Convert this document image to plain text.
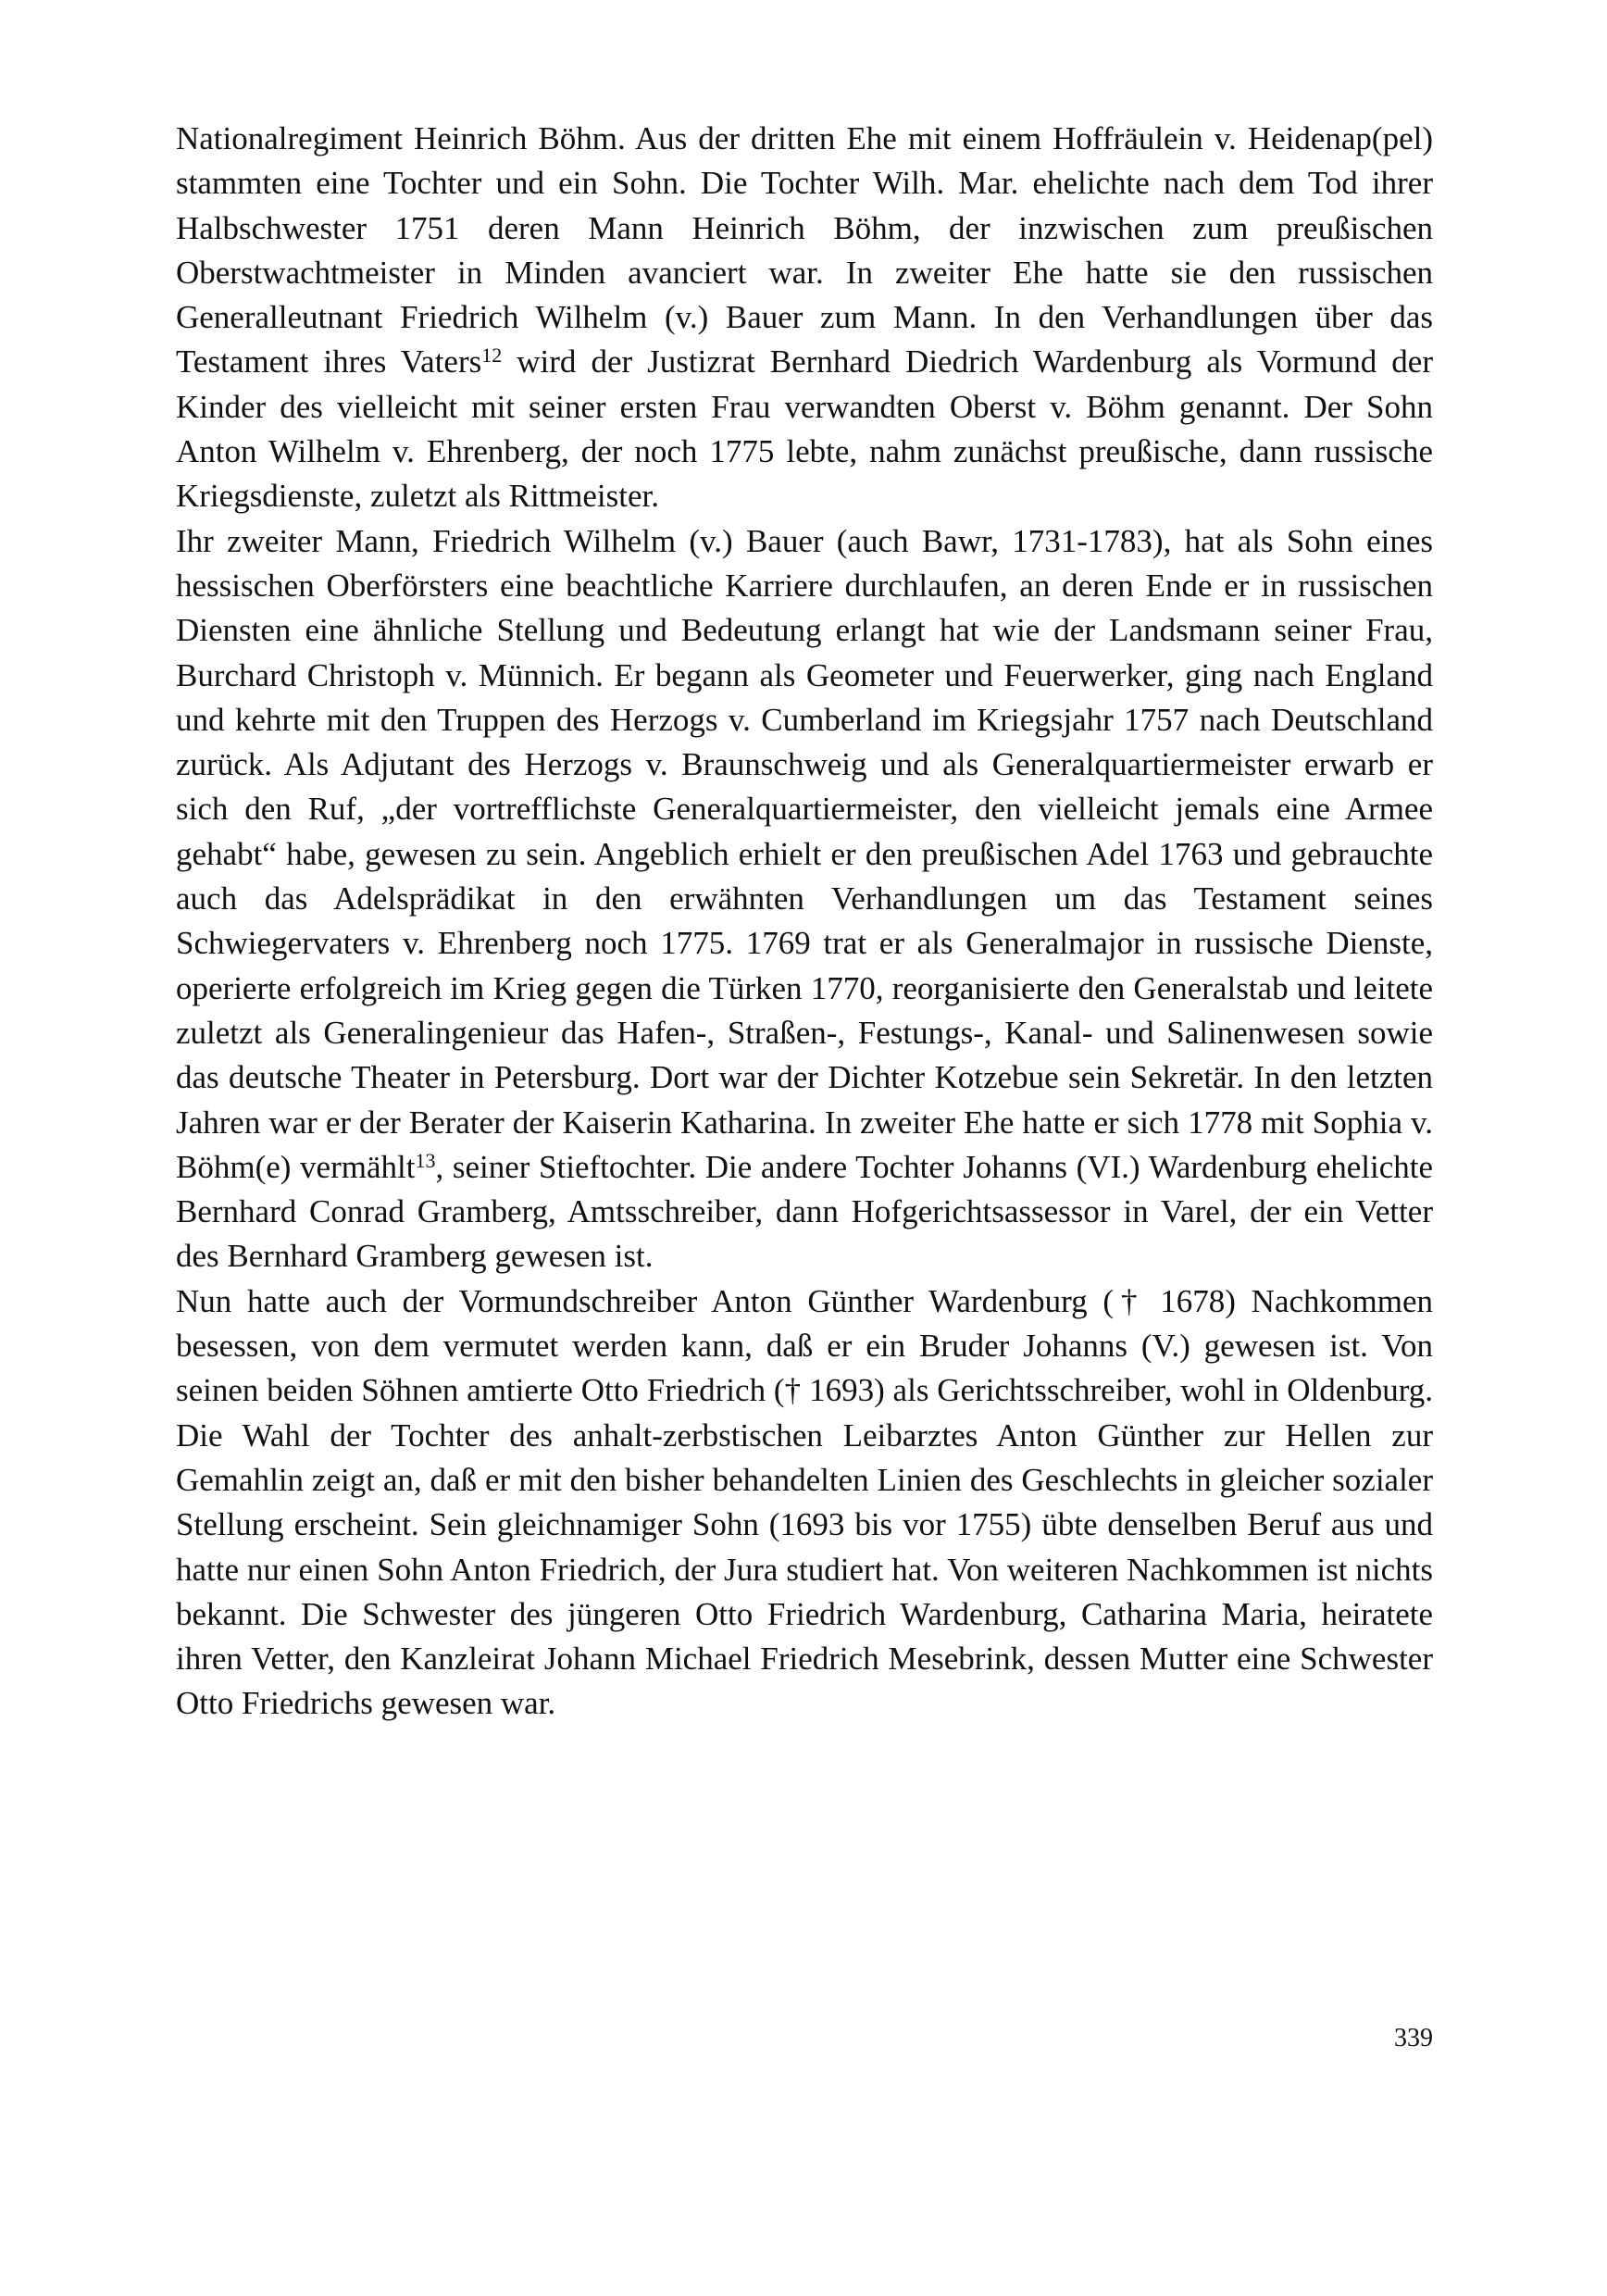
Nationalregiment Heinrich Böhm. Aus der dritten Ehe mit einem Hoffräulein v. Heidenap(pel) stammten eine Tochter und ein Sohn. Die Tochter Wilh. Mar. ehelichte nach dem Tod ihrer Halbschwester 1751 deren Mann Heinrich Böhm, der inzwischen zum preußischen Oberstwachtmeister in Minden avanciert war. In zweiter Ehe hatte sie den russischen Generalleutnant Friedrich Wilhelm (v.) Bauer zum Mann. In den Verhandlungen über das Testament ihres Vaters$^{12}$ wird der Justizrat Bernhard Diedrich Wardenburg als Vormund der Kinder des vielleicht mit seiner ersten Frau verwandten Oberst v. Böhm genannt. Der Sohn Anton Wilhelm v. Ehrenberg, der noch 1775 lebte, nahm zunächst preußische, dann russische Kriegsdienste, zuletzt als Rittmeister.

Ihr zweiter Mann, Friedrich Wilhelm (v.) Bauer (auch Bawr, 1731-1783), hat als Sohn eines hessischen Oberförsters eine beachtliche Karriere durchlaufen, an deren Ende er in russischen Diensten eine ähnliche Stellung und Bedeutung erlangt hat wie der Landsmann seiner Frau, Burchard Christoph v. Münnich. Er begann als Geometer und Feuerwerker, ging nach England und kehrte mit den Truppen des Herzogs v. Cumberland im Kriegsjahr 1757 nach Deutschland zurück. Als Adjutant des Herzogs v. Braunschweig und als Generalquartiermeister erwarb er sich den Ruf, „der vortrefflichste Generalquartiermeister, den vielleicht jemals eine Armee gehabt“ habe, gewesen zu sein. Angeblich erhielt er den preußischen Adel 1763 und gebrauchte auch das Adelsprädikat in den erwähnten Verhandlungen um das Testament seines Schwiegervaters v. Ehrenberg noch 1775. 1769 trat er als Generalmajor in russische Dienste, operierte erfolgreich im Krieg gegen die Türken 1770, reorganisierte den Generalstab und leitete zuletzt als Generalingenieur das Hafen-, Straßen-, Festungs-, Kanal- und Salinenwesen sowie das deutsche Theater in Petersburg. Dort war der Dichter Kotzebue sein Sekretär. In den letzten Jahren war er der Berater der Kaiserin Katharina. In zweiter Ehe hatte er sich 1778 mit Sophia v. Böhm(e) vermählt$^{13}$, seiner Stieftochter. Die andere Tochter Johanns (VI.) Wardenburg ehelichte Bernhard Conrad Gramberg, Amtsschreiber, dann Hofgerichtsassessor in Varel, der ein Vetter des Bernhard Gramberg gewesen ist.

Nun hatte auch der Vormundschreiber Anton Günther Wardenburg († 1678) Nachkommen besessen, von dem vermutet werden kann, daß er ein Bruder Johanns (V.) gewesen ist. Von seinen beiden Söhnen amtierte Otto Friedrich († 1693) als Gerichtsschreiber, wohl in Oldenburg. Die Wahl der Tochter des anhalt-zerbstischen Leibarztes Anton Günther zur Hellen zur Gemahlin zeigt an, daß er mit den bisher behandelten Linien des Geschlechts in gleicher sozialer Stellung erscheint. Sein gleichnamiger Sohn (1693 bis vor 1755) übte denselben Beruf aus und hatte nur einen Sohn Anton Friedrich, der Jura studiert hat. Von weiteren Nachkommen ist nichts bekannt. Die Schwester des jüngeren Otto Friedrich Wardenburg, Catharina Maria, heiratete ihren Vetter, den Kanzleirat Johann Michael Friedrich Mesebrink, dessen Mutter eine Schwester Otto Friedrichs gewesen war.

339
